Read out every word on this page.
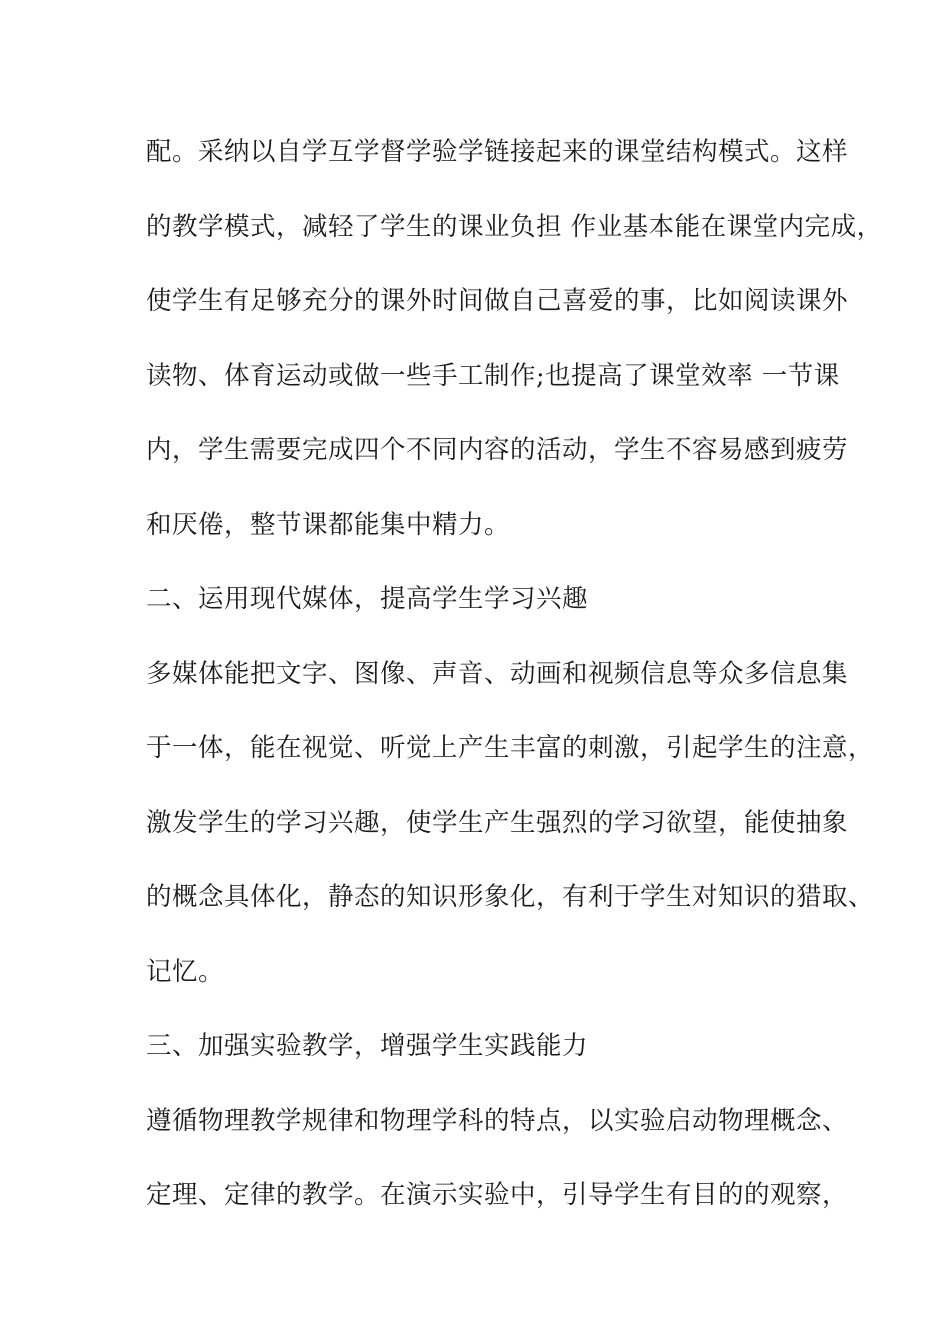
配。采纳以自学互学督学验学链接起来的课堂结构模式。这样
的教学模式，减轻了学生的课业负担 作业基本能在课堂内完成，
使学生有足够充分的课外时间做自己喜爱的事，比如阅读课外
读物、体育运动或做一些手工制作;也提高了课堂效率 一节课
内，学生需要完成四个不同内容的活动，学生不容易感到疲劳
和厌倦，整节课都能集中精力。
二、运用现代媒体，提高学生学习兴趣
多媒体能把文字、图像、声音、动画和视频信息等众多信息集
于一体，能在视觉、听觉上产生丰富的刺激，引起学生的注意，
激发学生的学习兴趣，使学生产生强烈的学习欲望，能使抽象
的概念具体化，静态的知识形象化，有利于学生对知识的猎取、
记忆。
三、加强实验教学，增强学生实践能力
遵循物理教学规律和物理学科的特点，以实验启动物理概念、
定理、定律的教学。在演示实验中，引导学生有目的的观察，
